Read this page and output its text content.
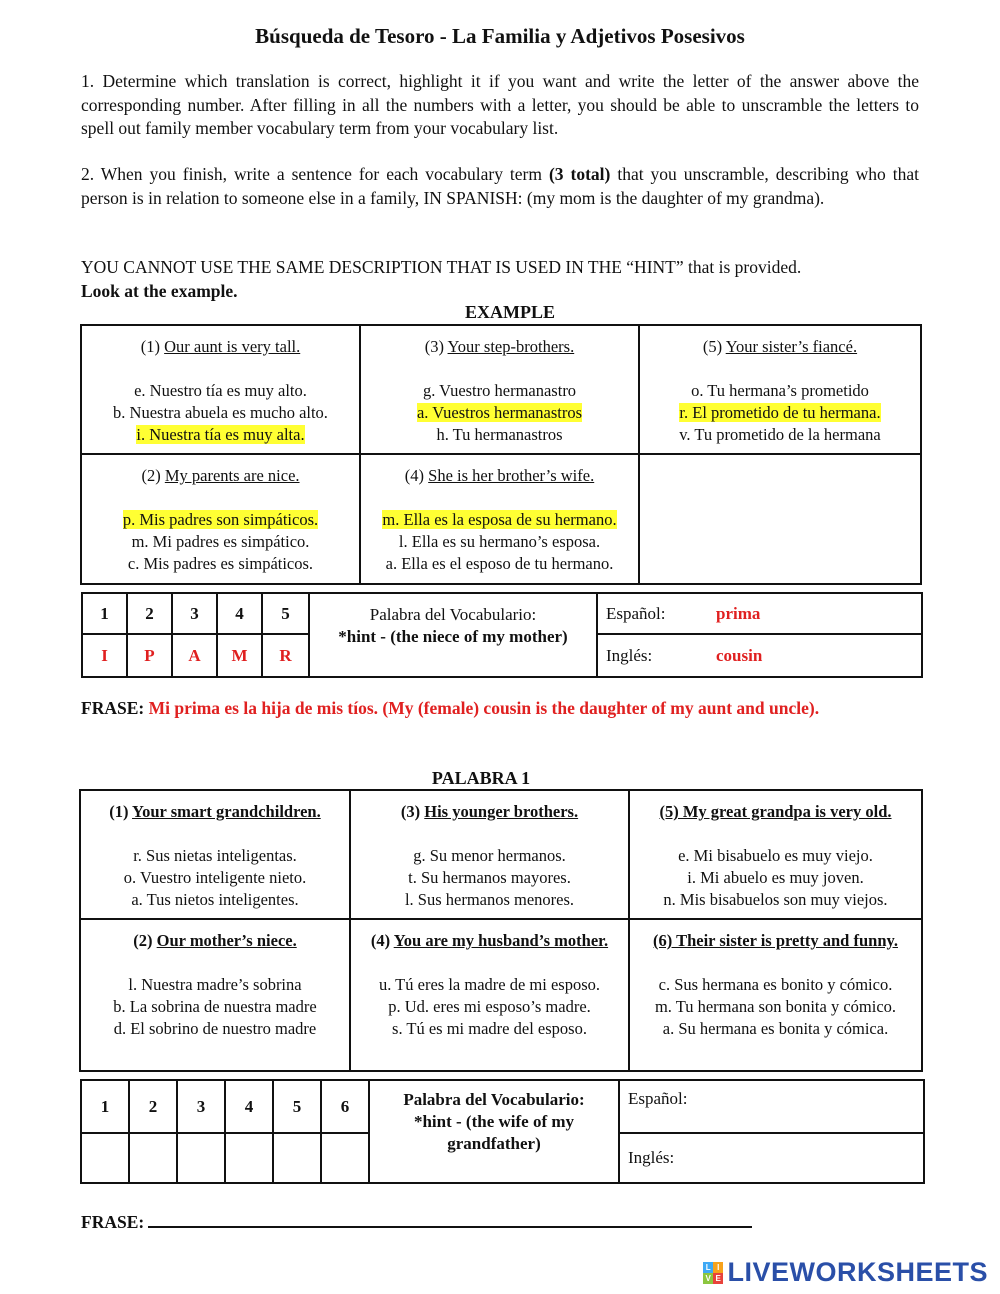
Búsqueda de Tesoro - La Familia y Adjetivos Posesivos
1. Determine which translation is correct, highlight it if you want and write the letter of the answer above the corresponding number. After filling in all the numbers with a letter, you should be able to unscramble the letters to spell out family member vocabulary term from your vocabulary list.
2. When you finish, write a sentence for each vocabulary term (3 total) that you unscramble, describing who that person is in relation to someone else in a family, IN SPANISH: (my mom is the daughter of my grandma).
YOU CANNOT USE THE SAME DESCRIPTION THAT IS USED IN THE “HINT” that is provided.
Look at the example.
EXAMPLE
(1) Our aunt is very tall.
e. Nuestro tía es muy alto.
b. Nuestra abuela es mucho alto.
i. Nuestra tía es muy alta.	(3) Your step-brothers.
g. Vuestro hermanastro
a. Vuestros hermanastros
h. Tu hermanastros	(5) Your sister’s fiancé.
o. Tu hermana’s prometido
r. El prometido de tu hermana.
v. Tu prometido de la hermana

(2) My parents are nice.
p. Mis padres son simpáticos.
m. Mi padres es simpático.
c. Mis padres es simpáticos.	(4) She is her brother’s wife.
m. Ella es la esposa de su hermano.
l. Ella es su hermano’s esposa.
a. Ella es el esposo de tu hermano.	

1	2	3	4	5	Palabra del Vocabulario:
*hint - (the niece of my mother)	Español: prima
I	P	A	M	R		Inglés: cousin
FRASE: Mi prima es la hija de mis tíos. (My (female) cousin is the daughter of my aunt and uncle).
PALABRA 1
(1) Your smart grandchildren.
r. Sus nietas inteligentas.
o. Vuestro inteligente nieto.
a. Tus nietos inteligentes.	(3) His younger brothers.
g. Su menor hermanos.
t. Su hermanos mayores.
l. Sus hermanos menores.	(5) My great grandpa is very old.
e. Mi bisabuelo es muy viejo.
i. Mi abuelo es muy joven.
n. Mis bisabuelos son muy viejos.

(2) Our mother’s niece.
l. Nuestra madre’s sobrina
b. La sobrina de nuestra madre
d. El sobrino de nuestro madre	(4) You are my husband’s mother.
u. Tú eres la madre de mi esposo.
p. Ud. eres mi esposo’s madre.
s. Tú es mi madre del esposo.	(6) Their sister is pretty and funny.
c. Sus hermana es bonito y cómico.
m. Tu hermana son bonita y cómico.
a. Su hermana es bonita y cómica.
1	2	3	4	5	6	Palabra del Vocabulario:
*hint - (the wife of my
grandfather)	Español:
							Inglés:
FRASE:
L I
V E LIVEWORKSHEETS
